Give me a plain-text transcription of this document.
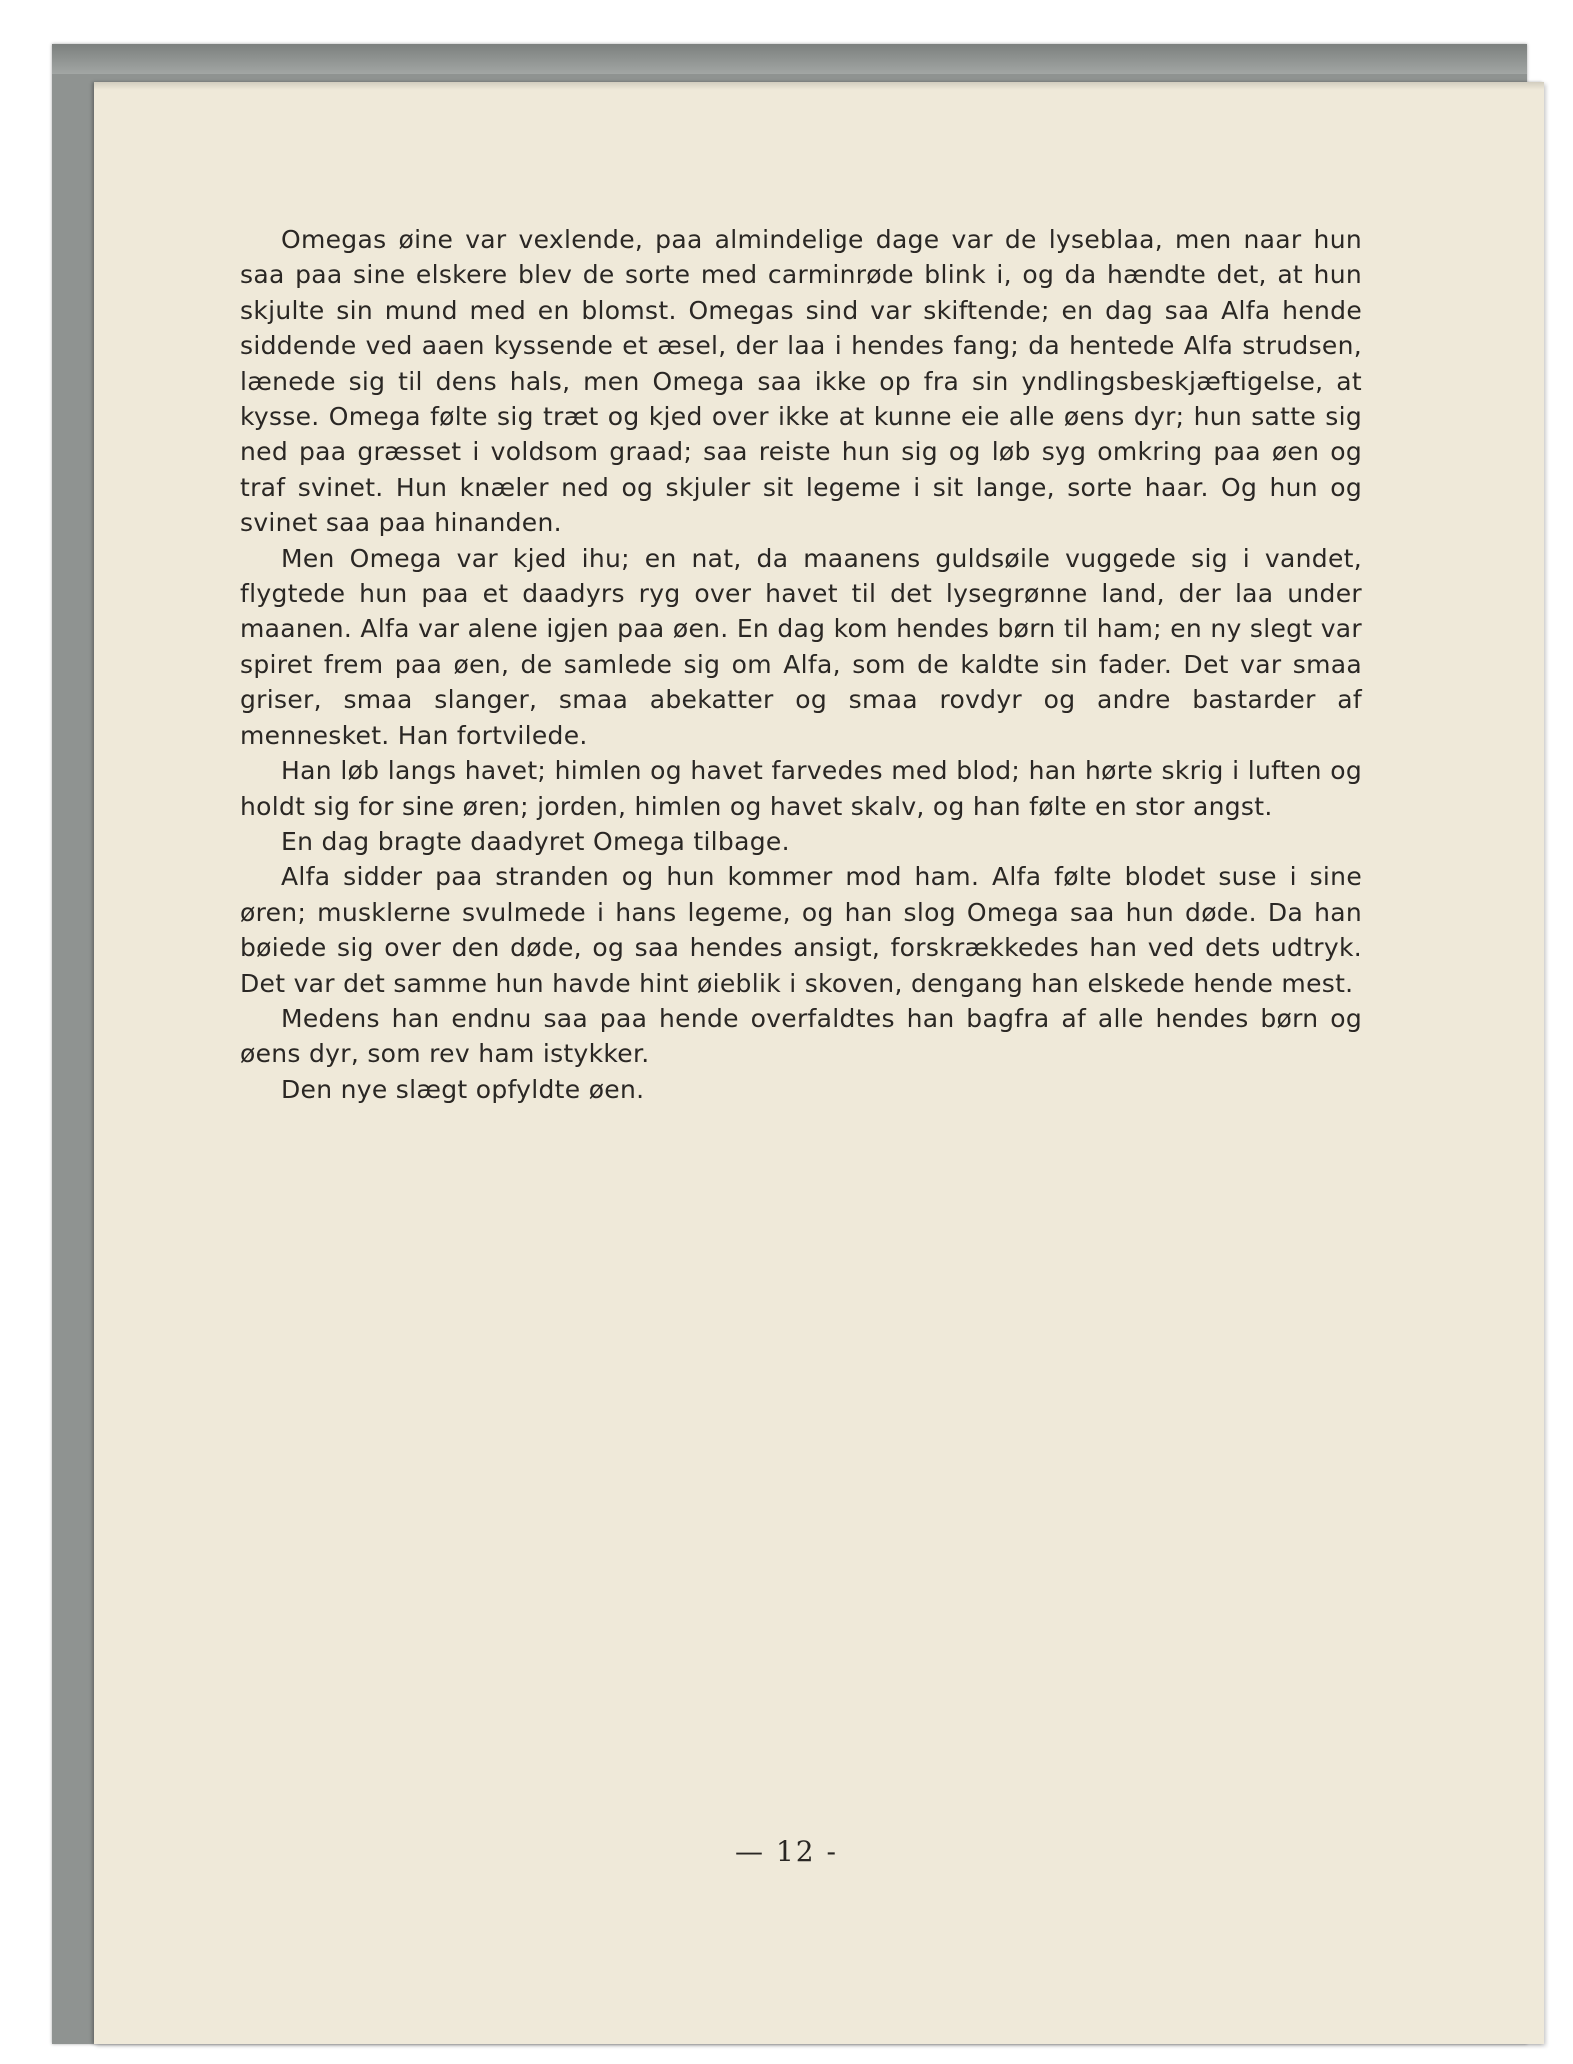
Omegas øine var vexlende, paa almindelige dage var de lyseblaa, men naar hun saa paa sine elskere blev de sorte med carminrøde blink i, og da hændte det, at hun skjulte sin mund med en blomst. Omegas sind var skiftende; en dag saa Alfa hende siddende ved aaen kyssende et æsel, der laa i hendes fang; da hentede Alfa strudsen, lænede sig til dens hals, men Omega saa ikke op fra sin yndlingsbeskjæftigelse, at kysse. Omega følte sig træt og kjed over ikke at kunne eie alle øens dyr; hun satte sig ned paa græsset i voldsom graad; saa reiste hun sig og løb syg omkring paa øen og traf svinet. Hun knæler ned og skjuler sit legeme i sit lange, sorte haar. Og hun og svinet saa paa hinanden.

Men Omega var kjed ihu; en nat, da maanens guldsøile vuggede sig i vandet, flygtede hun paa et daadyrs ryg over havet til det lysegrønne land, der laa under maanen. Alfa var alene igjen paa øen. En dag kom hendes børn til ham; en ny slegt var spiret frem paa øen, de samlede sig om Alfa, som de kaldte sin fader. Det var smaa griser, smaa slanger, smaa abekatter og smaa rovdyr og andre bastarder af mennesket. Han fortvilede.

Han løb langs havet; himlen og havet farvedes med blod; han hørte skrig i luften og holdt sig for sine øren; jorden, himlen og havet skalv, og han følte en stor angst.

En dag bragte daadyret Omega tilbage.

Alfa sidder paa stranden og hun kommer mod ham. Alfa følte blodet suse i sine øren; musklerne svulmede i hans legeme, og han slog Omega saa hun døde. Da han bøiede sig over den døde, og saa hendes ansigt, forskrækkedes han ved dets udtryk. Det var det samme hun havde hint øieblik i skoven, dengang han elskede hende mest.

Medens han endnu saa paa hende overfaldtes han bagfra af alle hendes børn og øens dyr, som rev ham istykker.

Den nye slægt opfyldte øen.

— 12 -
